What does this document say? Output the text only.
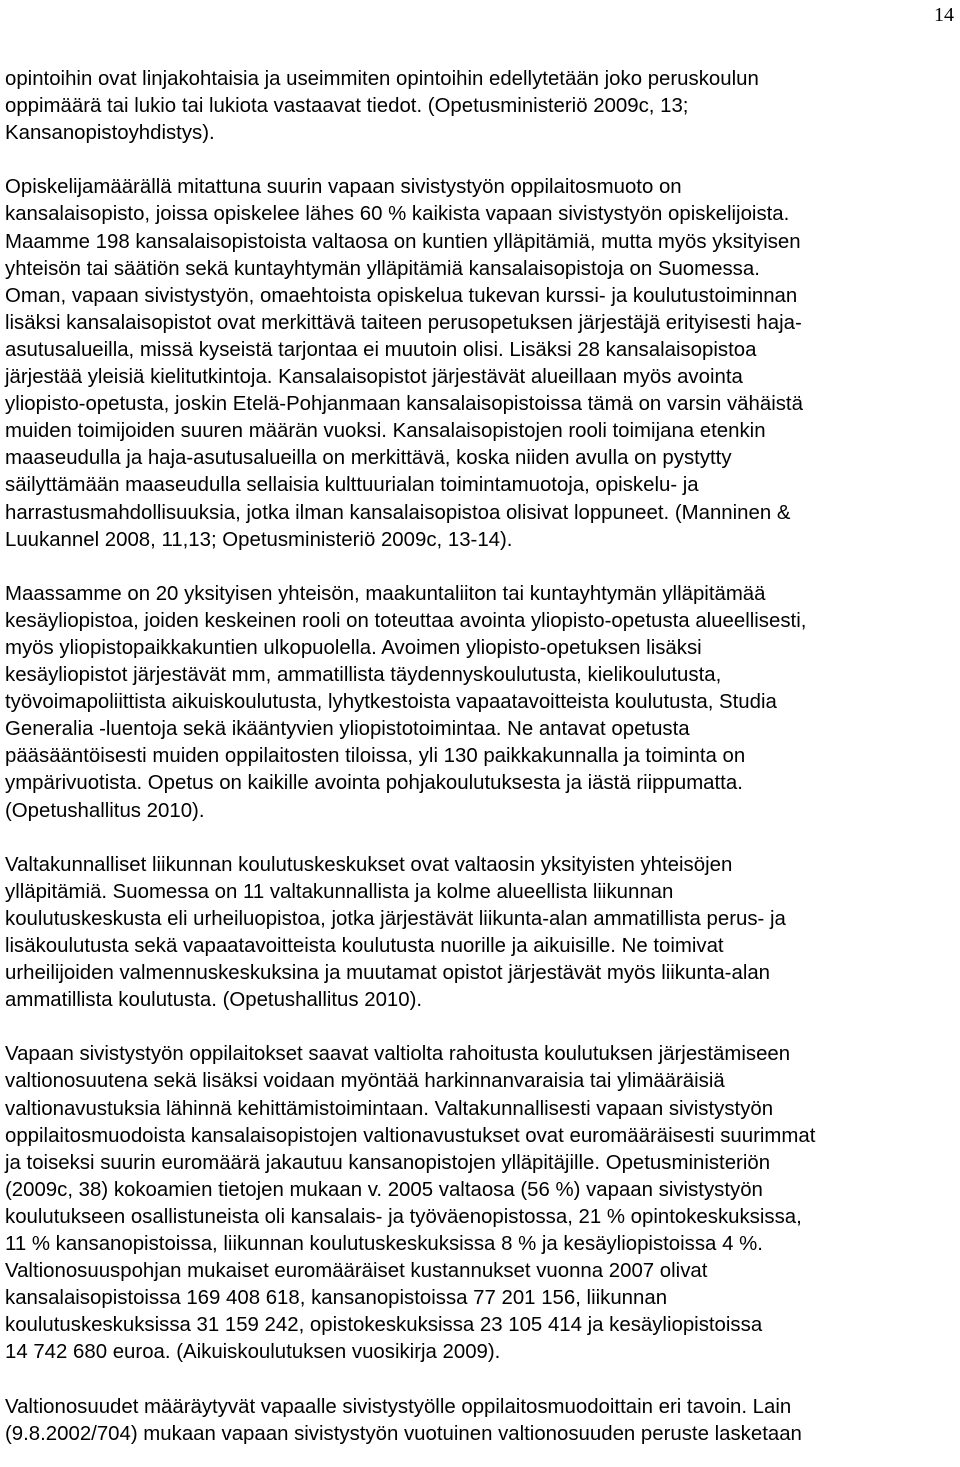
14

opintoihin ovat linjakohtaisia ja useimmiten opintoihin edellytetään joko peruskoulun
oppimäärä tai lukio tai lukiota vastaavat tiedot. (Opetusministeriö 2009c, 13;
Kansanopistoyhdistys).

Opiskelijamäärällä mitattuna suurin vapaan sivistystyön oppilaitosmuoto on
kansalaisopisto, joissa opiskelee lähes 60 % kaikista vapaan sivistystyön opiskelijoista.
Maamme 198 kansalaisopistoista valtaosa on kuntien ylläpitämiä, mutta myös yksityisen
yhteisön tai säätiön sekä kuntayhtymän ylläpitämiä kansalaisopistoja on Suomessa.
Oman, vapaan sivistystyön, omaehtoista opiskelua tukevan kurssi- ja koulutustoiminnan
lisäksi kansalaisopistot ovat merkittävä taiteen perusopetuksen järjestäjä erityisesti haja-
asutusalueilla, missä kyseistä tarjontaa ei muutoin olisi. Lisäksi 28 kansalaisopistoa
järjestää yleisiä kielitutkintoja. Kansalaisopistot järjestävät alueillaan myös avointa
yliopisto-opetusta, joskin Etelä-Pohjanmaan kansalaisopistoissa tämä on varsin vähäistä
muiden toimijoiden suuren määrän vuoksi. Kansalaisopistojen rooli toimijana etenkin
maaseudulla ja haja-asutusalueilla on merkittävä, koska niiden avulla on pystytty
säilyttämään maaseudulla sellaisia kulttuurialan toimintamuotoja, opiskelu- ja
harrastusmahdollisuuksia, jotka ilman kansalaisopistoa olisivat loppuneet. (Manninen &
Luukannel 2008, 11,13; Opetusministeriö 2009c, 13-14).

Maassamme on 20 yksityisen yhteisön, maakuntaliiton tai kuntayhtymän ylläpitämää
kesäyliopistoa, joiden keskeinen rooli on toteuttaa avointa yliopisto-opetusta alueellisesti,
myös yliopistopaikkakuntien ulkopuolella. Avoimen yliopisto-opetuksen lisäksi
kesäyliopistot järjestävät mm, ammatillista täydennyskoulutusta, kielikoulutusta,
työvoimapoliittista aikuiskoulutusta, lyhytkestoista vapaatavoitteista koulutusta, Studia
Generalia -luentoja sekä ikääntyvien yliopistotoimintaa. Ne antavat opetusta
pääsääntöisesti muiden oppilaitosten tiloissa, yli 130 paikkakunnalla ja toiminta on
ympärivuotista. Opetus on kaikille avointa pohjakoulutuksesta ja iästä riippumatta.
(Opetushallitus 2010).

Valtakunnalliset liikunnan koulutuskeskukset ovat valtaosin yksityisten yhteisöjen
ylläpitämiä. Suomessa on 11 valtakunnallista ja kolme alueellista liikunnan
koulutuskeskusta eli urheiluopistoa, jotka järjestävät liikunta-alan ammatillista perus- ja
lisäkoulutusta sekä vapaatavoitteista koulutusta nuorille ja aikuisille. Ne toimivat
urheilijoiden valmennuskeskuksina ja muutamat opistot järjestävät myös liikunta-alan
ammatillista koulutusta. (Opetushallitus 2010).

Vapaan sivistystyön oppilaitokset saavat valtiolta rahoitusta koulutuksen järjestämiseen
valtionosuutena sekä lisäksi voidaan myöntää harkinnanvaraisia tai ylimääräisiä
valtionavustuksia lähinnä kehittämistoimintaan. Valtakunnallisesti vapaan sivistystyön
oppilaitosmuodoista kansalaisopistojen valtionavustukset ovat euromääräisesti suurimmat
ja toiseksi suurin euromäärä jakautuu kansanopistojen ylläpitäjille. Opetusministeriön
(2009c, 38) kokoamien tietojen mukaan v. 2005 valtaosa (56 %) vapaan sivistystyön
koulutukseen osallistuneista oli kansalais- ja työväenopistossa, 21 % opintokeskuksissa,
11 % kansanopistoissa, liikunnan koulutuskeskuksissa 8 % ja kesäyliopistoissa 4 %.
Valtionosuuspohjan mukaiset euromääräiset kustannukset vuonna 2007 olivat
kansalaisopistoissa 169 408 618, kansanopistoissa 77 201 156, liikunnan
koulutuskeskuksissa 31 159 242, opistokeskuksissa 23 105 414 ja kesäyliopistoissa
14 742 680 euroa. (Aikuiskoulutuksen vuosikirja 2009).

Valtionosuudet määräytyvät vapaalle sivistystyölle oppilaitosmuodoittain eri tavoin. Lain
(9.8.2002/704) mukaan vapaan sivistystyön vuotuinen valtionosuuden peruste lasketaan
